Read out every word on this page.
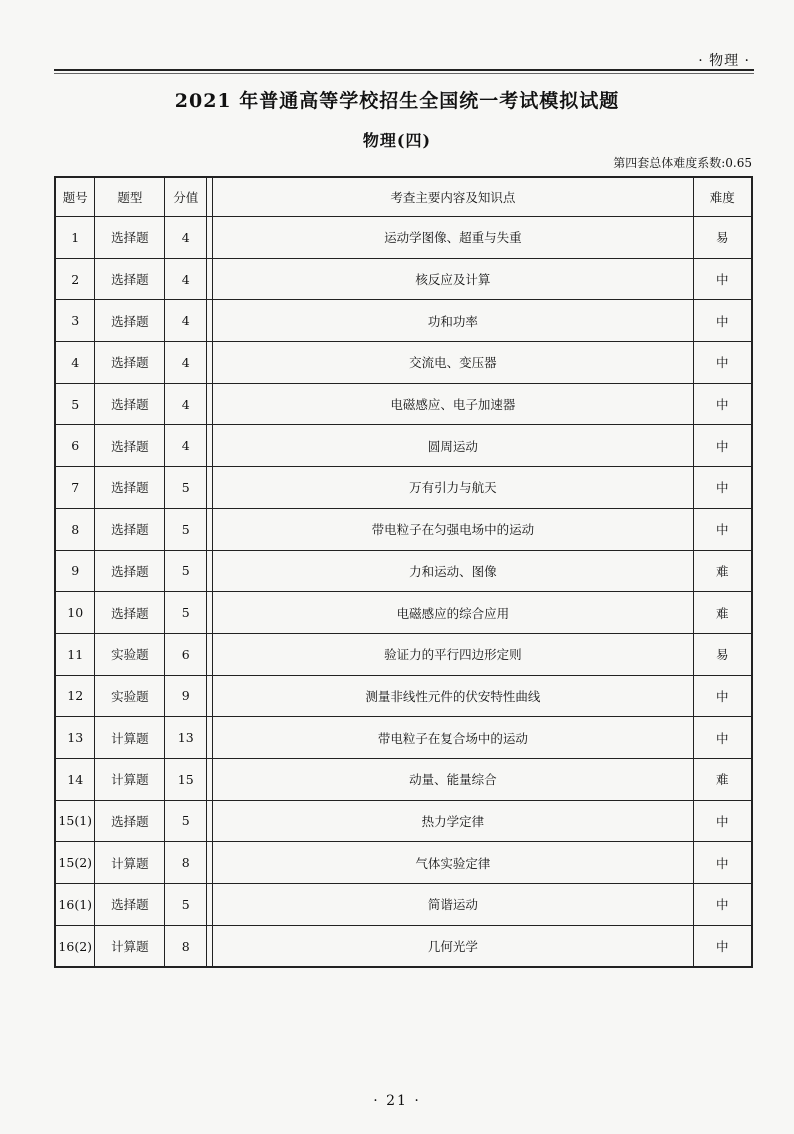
· 物理 ·
2021 年普通高等学校招生全国统一考试模拟试题
物理(四)
第四套总体难度系数:0.65
题号	题型	分值		考查主要内容及知识点	难度
1	选择题	4		运动学图像、超重与失重	易
2	选择题	4		核反应及计算	中
3	选择题	4		功和功率	中
4	选择题	4		交流电、变压器	中
5	选择题	4		电磁感应、电子加速器	中
6	选择题	4		圆周运动	中
7	选择题	5		万有引力与航天	中
8	选择题	5		带电粒子在匀强电场中的运动	中
9	选择题	5		力和运动、图像	难
10	选择题	5		电磁感应的综合应用	难
11	实验题	6		验证力的平行四边形定则	易
12	实验题	9		测量非线性元件的伏安特性曲线	中
13	计算题	13		带电粒子在复合场中的运动	中
14	计算题	15		动量、能量综合	难
15(1)	选择题	5		热力学定律	中
15(2)	计算题	8		气体实验定律	中
16(1)	选择题	5		简谐运动	中
16(2)	计算题	8		几何光学	中
· 21 ·
